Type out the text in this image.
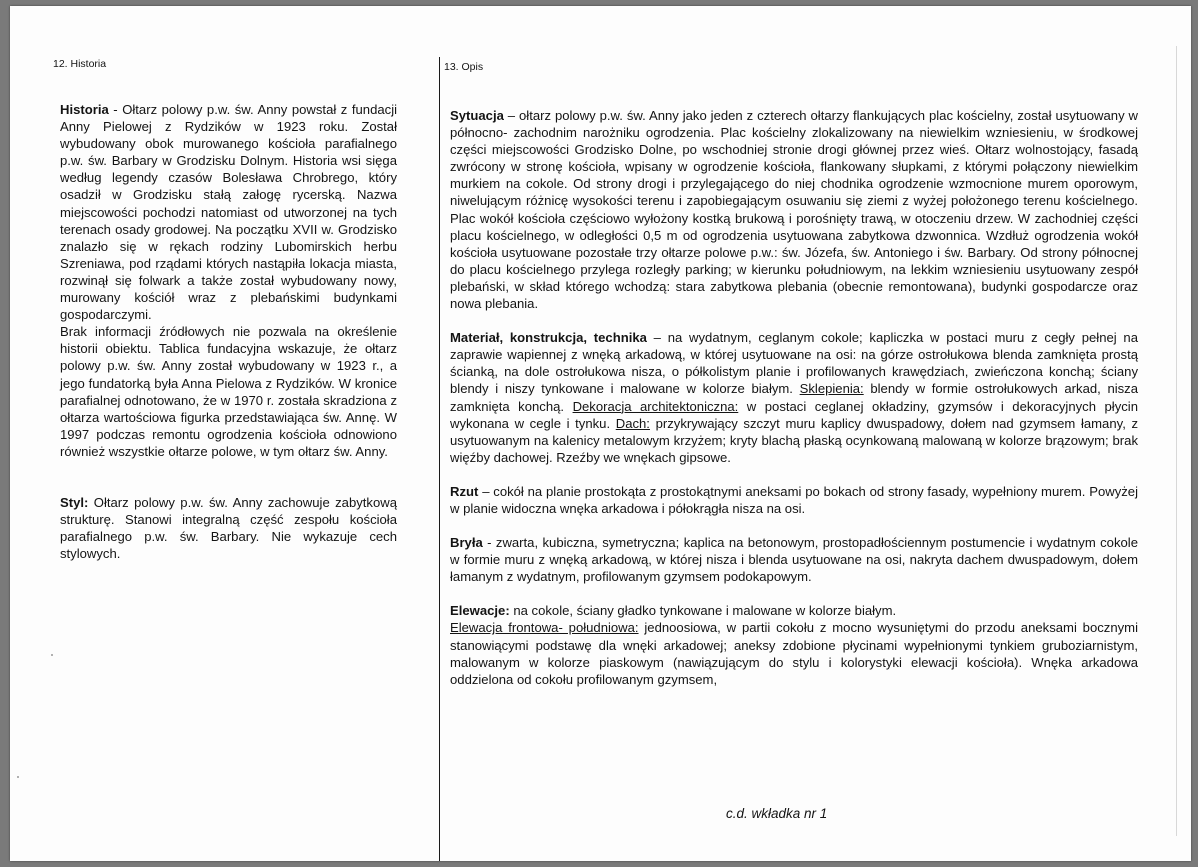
12. Historia	13. Opis

Historia - Ołtarz polowy p.w. św. Anny powstał z fundacji Anny Pielowej z Rydzików w 1923 roku. Został wybudowany obok murowanego kościoła parafialnego p.w. św. Barbary w Grodzisku Dolnym. Historia wsi sięga według legendy czasów Bolesława Chrobrego, który osadził w Grodzisku stałą załogę rycerską. Nazwa miejscowości pochodzi natomiast od utworzonej na tych terenach osady grodowej. Na początku XVII w. Grodzisko znalazło się w rękach rodziny Lubomirskich herbu Szreniawa, pod rządami których nastąpiła lokacja miasta, rozwinął się folwark a także został wybudowany nowy, murowany kościół wraz z plebańskimi budynkami gospodarczymi.

Brak informacji źródłowych nie pozwala na określenie historii obiektu. Tablica fundacyjna wskazuje, że ołtarz polowy p.w. św. Anny został wybudowany w 1923 r., a jego fundatorką była Anna Pielowa z Rydzików. W kronice parafialnej odnotowano, że w 1970 r. została skradziona z ołtarza wartościowa figurka przedstawiająca św. Annę. W 1997 podczas remontu ogrodzenia kościoła odnowiono również wszystkie ołtarze polowe, w tym ołtarz św. Anny.

Styl: Ołtarz polowy p.w. św. Anny zachowuje zabytkową strukturę. Stanowi integralną część zespołu kościoła parafialnego p.w. św. Barbary. Nie wykazuje cech stylowych.

Sytuacja – ołtarz polowy p.w. św. Anny jako jeden z czterech ołtarzy flankujących plac kościelny, został usytuowany w północno- zachodnim narożniku ogrodzenia. Plac kościelny zlokalizowany na niewielkim wzniesieniu, w środkowej części miejscowości Grodzisko Dolne, po wschodniej stronie drogi głównej przez wieś. Ołtarz wolnostojący, fasadą zwrócony w stronę kościoła, wpisany w ogrodzenie kościoła, flankowany słupkami, z którymi połączony niewielkim murkiem na cokole. Od strony drogi i przylegającego do niej chodnika ogrodzenie wzmocnione murem oporowym, niwelującym różnicę wysokości terenu i zapobiegającym osuwaniu się ziemi z wyżej położonego terenu kościelnego. Plac wokół kościoła częściowo wyłożony kostką brukową i porośnięty trawą, w otoczeniu drzew. W zachodniej części placu kościelnego, w odległości 0,5 m od ogrodzenia usytuowana zabytkowa dzwonnica. Wzdłuż ogrodzenia wokół kościoła usytuowane pozostałe trzy ołtarze polowe p.w.: św. Józefa, św. Antoniego i św. Barbary. Od strony północnej do placu kościelnego przylega rozległy parking; w kierunku południowym, na lekkim wzniesieniu usytuowany zespół plebański, w skład którego wchodzą: stara zabytkowa plebania (obecnie remontowana), budynki gospodarcze oraz nowa plebania.

Materiał, konstrukcja, technika – na wydatnym, ceglanym cokole; kapliczka w postaci muru z cegły pełnej na zaprawie wapiennej z wnęką arkadową, w której usytuowane na osi: na górze ostrołukowa blenda zamknięta prostą ścianką, na dole ostrołukowa nisza, o półkolistym planie i profilowanych krawędziach, zwieńczona konchą; ściany blendy i niszy tynkowane i malowane w kolorze białym. Sklepienia: blendy w formie ostrołukowych arkad, nisza zamknięta konchą. Dekoracja architektoniczna: w postaci ceglanej okładziny, gzymsów i dekoracyjnych płycin wykonana w cegle i tynku. Dach: przykrywający szczyt muru kaplicy dwuspadowy, dołem nad gzymsem łamany, z usytuowanym na kalenicy metalowym krzyżem; kryty blachą płaską ocynkowaną malowaną w kolorze brązowym; brak więźby dachowej. Rzeźby we wnękach gipsowe.

Rzut – cokół na planie prostokąta z prostokątnymi aneksami po bokach od strony fasady, wypełniony murem. Powyżej w planie widoczna wnęka arkadowa i półokrągła nisza na osi.

Bryła - zwarta, kubiczna, symetryczna; kaplica na betonowym, prostopadłościennym postumencie i wydatnym cokole w formie muru z wnęką arkadową, w której nisza i blenda usytuowane na osi, nakryta dachem dwuspadowym, dołem łamanym z wydatnym, profilowanym gzymsem podokapowym.

Elewacje: na cokole, ściany gładko tynkowane i malowane w kolorze białym.

Elewacja frontowa- południowa: jednoosiowa, w partii cokołu z mocno wysuniętymi do przodu aneksami bocznymi stanowiącymi podstawę dla wnęki arkadowej; aneksy zdobione płycinami wypełnionymi tynkiem gruboziarnistym, malowanym w kolorze piaskowym (nawiązującym do stylu i kolorystyki elewacji kościoła). Wnęka arkadowa oddzielona od cokołu profilowanym gzymsem,

c.d. wkładka nr 1
